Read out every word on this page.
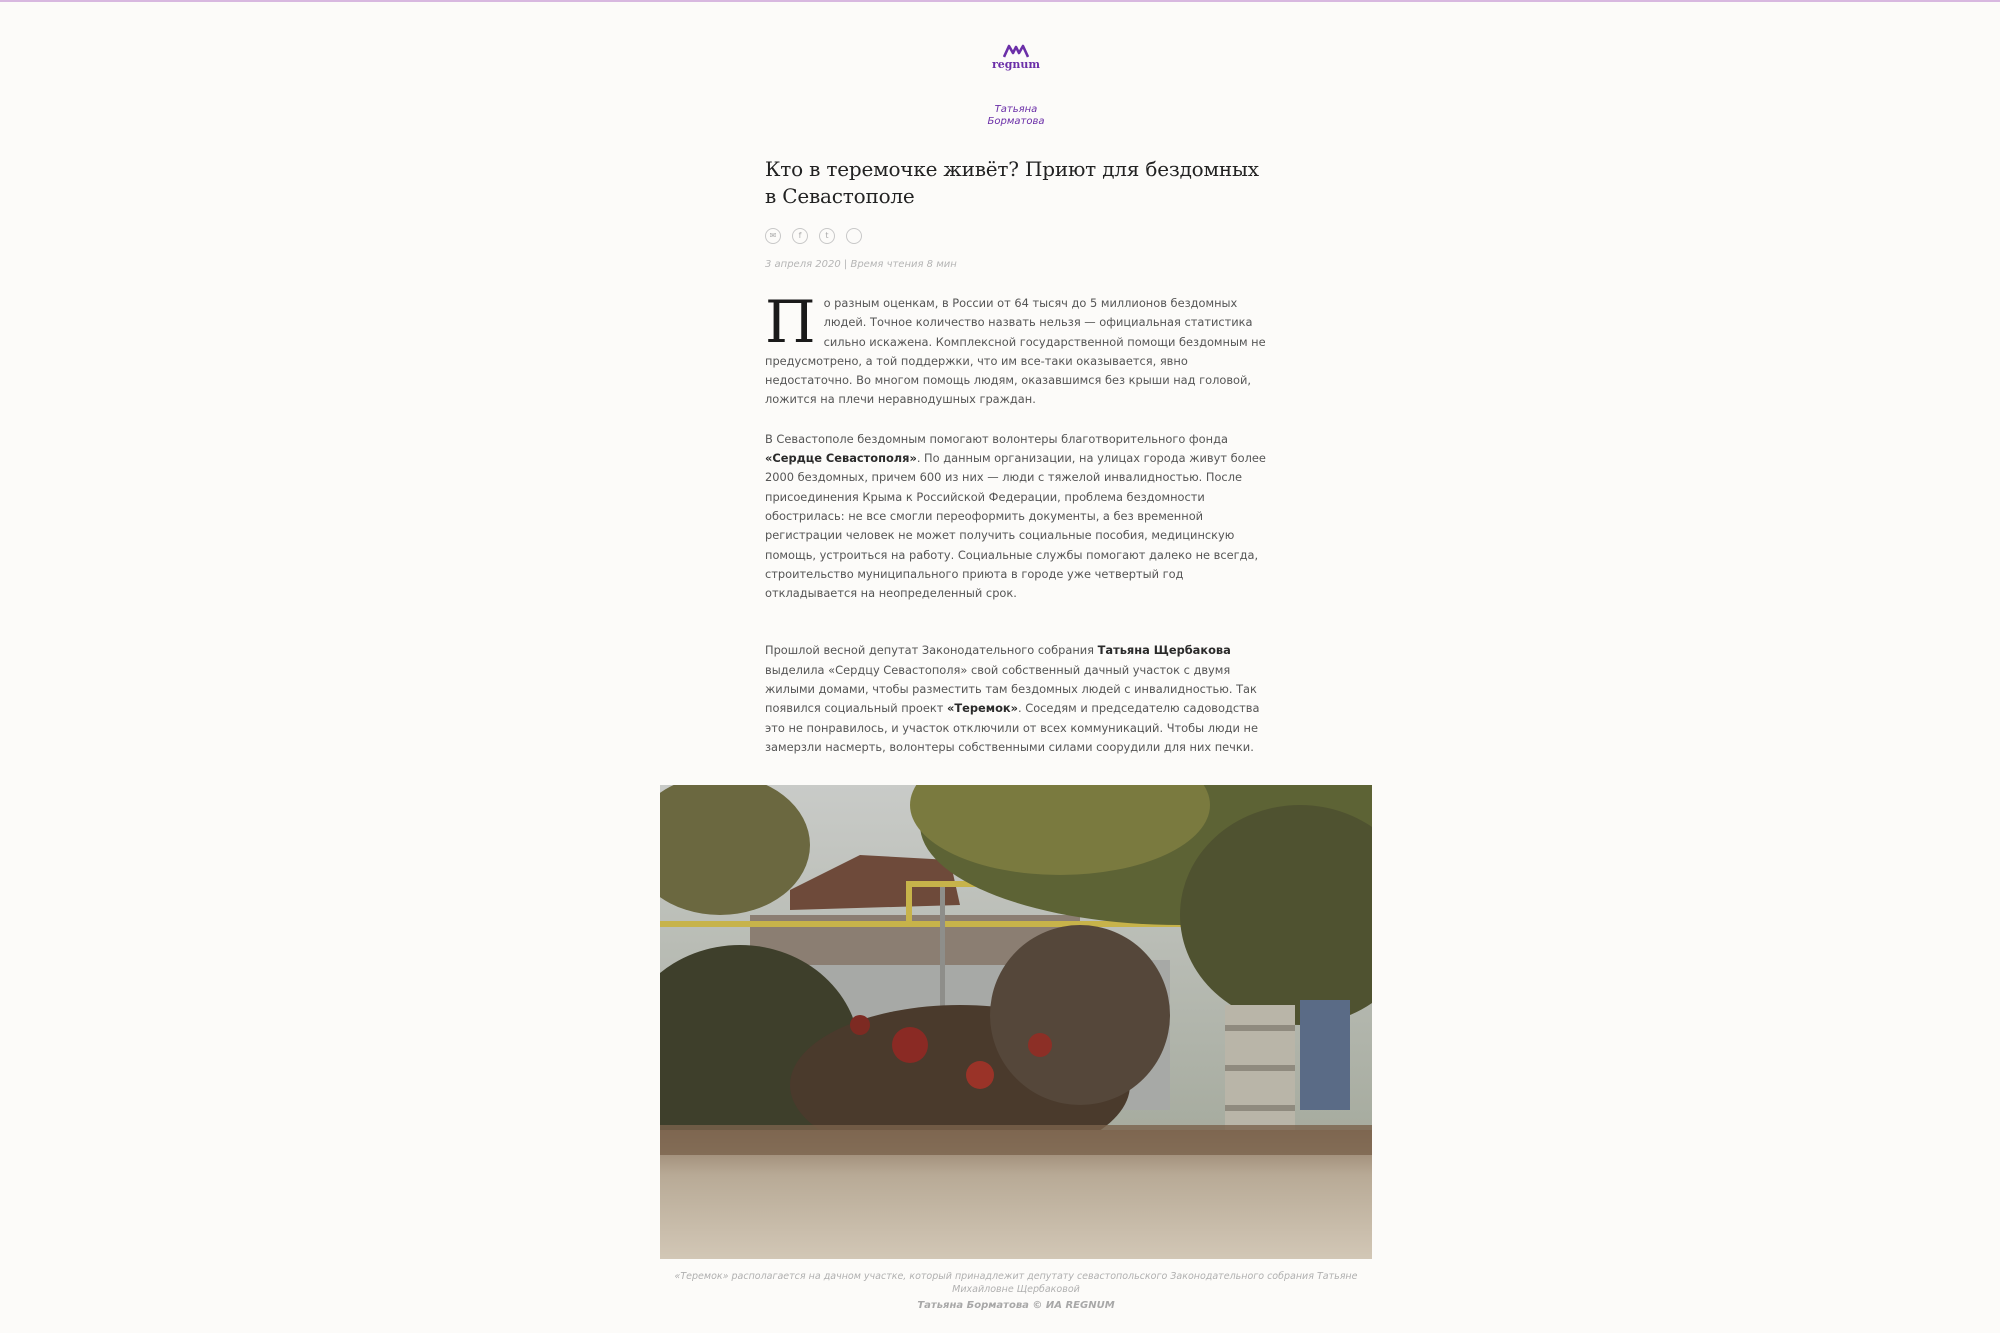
regnum
Татьяна
Борматова
Кто в теремочке живёт? Приют для бездомных в Севастополе
✉	f	t
3 апреля 2020 | Время чтения 8 мин

По разным оценкам, в России от 64 тысяч до 5 миллионов бездомных людей. Точное количество назвать нельзя — официальная статистика сильно искажена. Комплексной государственной помощи бездомным не предусмотрено, а той поддержки, что им все-таки оказывается, явно недостаточно. Во многом помощь людям, оказавшимся без крыши над головой, ложится на плечи неравнодушных граждан.

В Севастополе бездомным помогают волонтеры благотворительного фонда «Сердце Севастополя». По данным организации, на улицах города живут более 2000 бездомных, причем 600 из них — люди с тяжелой инвалидностью. После присоединения Крыма к Российской Федерации, проблема бездомности обострилась: не все смогли переоформить документы, а без временной регистрации человек не может получить социальные пособия, медицинскую помощь, устроиться на работу. Социальные службы помогают далеко не всегда, строительство муниципального приюта в городе уже четвертый год откладывается на неопределенный срок.

Прошлой весной депутат Законодательного собрания Татьяна Щербакова выделила «Сердцу Севастополя» свой собственный дачный участок с двумя жилыми домами, чтобы разместить там бездомных людей с инвалидностью. Так появился социальный проект «Теремок». Соседям и председателю садоводства это не понравилось, и участок отключили от всех коммуникаций. Чтобы люди не замерзли насмерть, волонтеры собственными силами соорудили для них печки.

«Теремок» располагается на дачном участке, который принадлежит депутату севастопольского Законодательного собрания Татьяне Михайловне Щербаковой
Татьяна Борматова © ИА REGNUM
